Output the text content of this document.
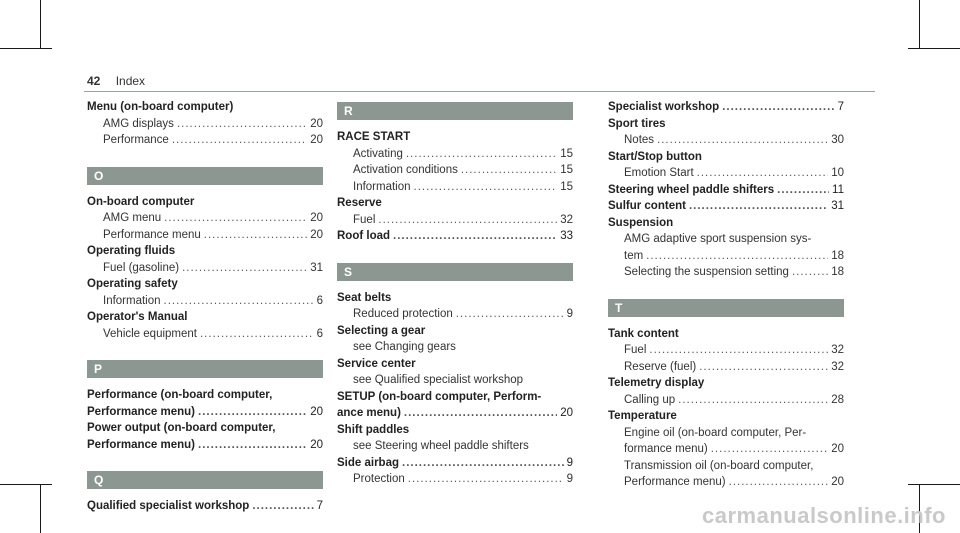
42 Index
Menu (on-board computer)
AMG displays .....	20
Performance .....	20
O
On-board computer
AMG menu .....	20
Performance menu .....	20
Operating fluids
Fuel (gasoline) .....	31
Operating safety
Information .....	6
Operator's Manual
Vehicle equipment .....	6
P
Performance (on-board computer,
Performance menu) .....	20
Power output (on-board computer,
Performance menu) .....	20
Q
Qualified specialist workshop .....	7
R
RACE START
Activating .....	15
Activation conditions .....	15
Information .....	15
Reserve
Fuel .....	32
Roof load .....	33
S
Seat belts
Reduced protection .....	9
Selecting a gear
see Changing gears
Service center
see Qualified specialist workshop
SETUP (on-board computer, Perform-
ance menu) .....	20
Shift paddles
see Steering wheel paddle shifters
Side airbag .....	9
Protection .....	9
Specialist workshop .....	7
Sport tires
Notes .....	30
Start/Stop button
Emotion Start .....	10
Steering wheel paddle shifters .....	11
Sulfur content .....	31
Suspension
AMG adaptive sport suspension sys-
tem .....	18
Selecting the suspension setting .....	18
T
Tank content
Fuel .....	32
Reserve (fuel) .....	32
Telemetry display
Calling up .....	28
Temperature
Engine oil (on-board computer, Per-
formance menu) .....	20
Transmission oil (on-board computer,
Performance menu) .....	20
carmanualsonline.info
